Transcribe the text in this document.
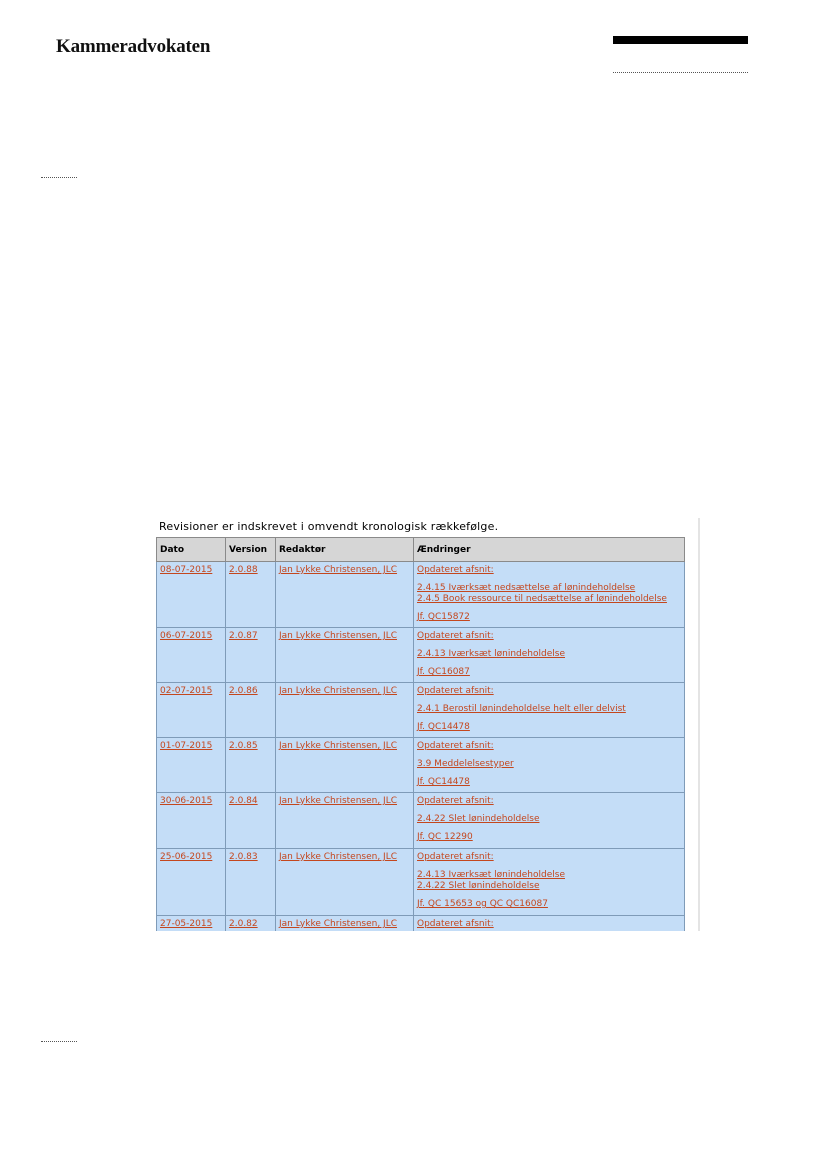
Kammeradvokaten
Revisioner er indskrevet i omvendt kronologisk rækkefølge.
Dato	Version	Redaktør	Ændringer
08-07-2015	2.0.88	Jan Lykke Christensen, JLC	Opdateret afsnit:
2.4.15 Iværksæt nedsættelse af lønindeholdelse
2.4.5 Book ressource til nedsættelse af lønindeholdelse
Jf. QC15872

06-07-2015	2.0.87	Jan Lykke Christensen, JLC	Opdateret afsnit:
2.4.13 Iværksæt lønindeholdelse
Jf. QC16087

02-07-2015	2.0.86	Jan Lykke Christensen, JLC	Opdateret afsnit:
2.4.1 Berostil lønindeholdelse helt eller delvist
Jf. QC14478

01-07-2015	2.0.85	Jan Lykke Christensen, JLC	Opdateret afsnit:
3.9 Meddelelsestyper
Jf. QC14478

30-06-2015	2.0.84	Jan Lykke Christensen, JLC	Opdateret afsnit:
2.4.22 Slet lønindeholdelse
Jf. QC 12290

25-06-2015	2.0.83	Jan Lykke Christensen, JLC	Opdateret afsnit:
2.4.13 Iværksæt lønindeholdelse
2.4.22 Slet lønindeholdelse
Jf. QC 15653 og QC QC16087

27-05-2015	2.0.82	Jan Lykke Christensen, JLC	Opdateret afsnit:
